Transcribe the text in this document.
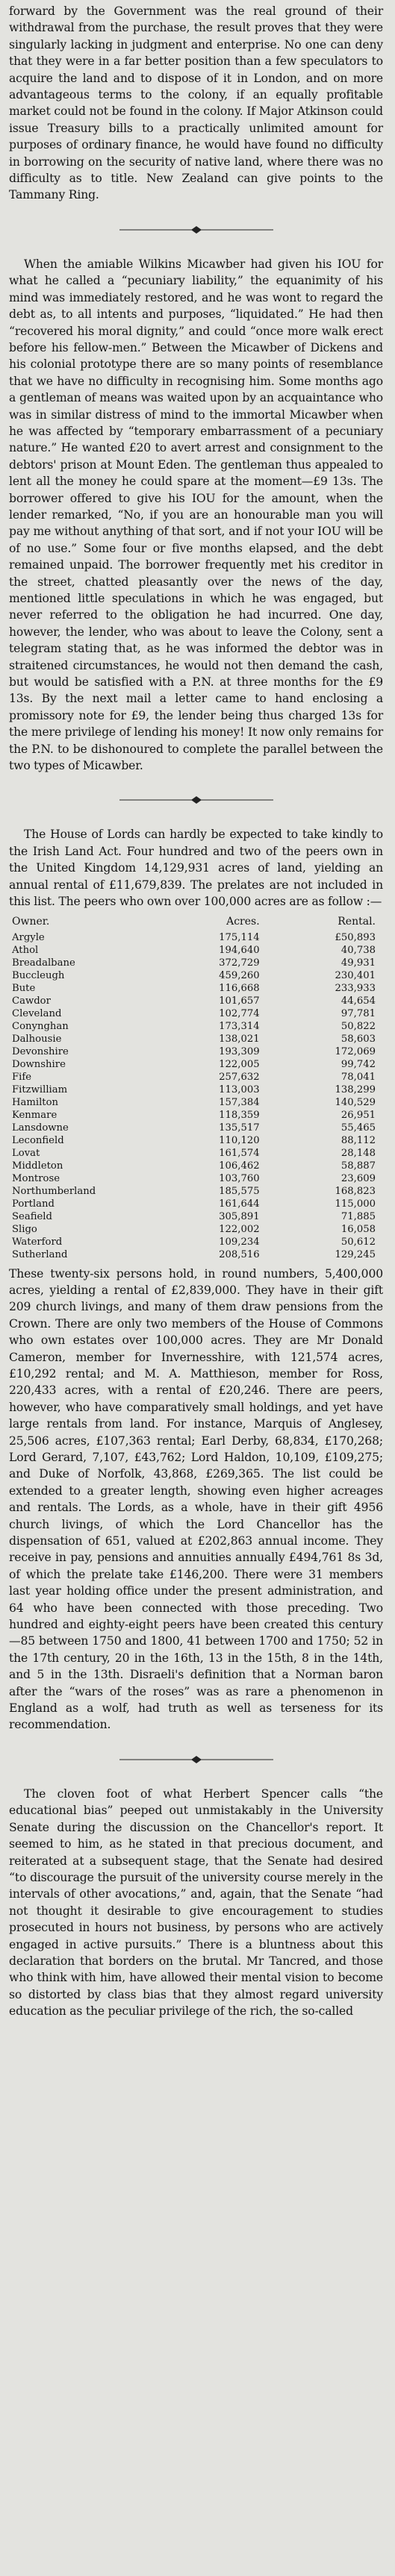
forward by the Government was the real ground of their withdrawal from the purchase, the result proves that they were singularly lacking in judgment and enterprise. No one can deny that they were in a far better position than a few speculators to acquire the land and to dispose of it in London, and on more advantageous terms to the colony, if an equally profitable market could not be found in the colony. If Major Atkinson could issue Treasury bills to a practically unlimited amount for purposes of ordinary finance, he would have found no difficulty in borrowing on the security of native land, where there was no difficulty as to title. New Zealand can give points to the Tammany Ring.

When the amiable Wilkins Micawber had given his IOU for what he called a “pecuniary liability,” the equanimity of his mind was immediately restored, and he was wont to regard the debt as, to all intents and purposes, “liquidated.” He had then “recovered his moral dignity,” and could “once more walk erect before his fellow-men.” Between the Micawber of Dickens and his colonial prototype there are so many points of resemblance that we have no difficulty in recognising him. Some months ago a gentleman of means was waited upon by an acquaintance who was in similar distress of mind to the immortal Micawber when he was affected by “temporary embarrassment of a pecuniary nature.” He wanted £20 to avert arrest and consignment to the debtors' prison at Mount Eden. The gentleman thus appealed to lent all the money he could spare at the moment—£9 13s. The borrower offered to give his IOU for the amount, when the lender remarked, “No, if you are an honourable man you will pay me without anything of that sort, and if not your IOU will be of no use.” Some four or five months elapsed, and the debt remained unpaid. The borrower frequently met his creditor in the street, chatted pleasantly over the news of the day, mentioned little speculations in which he was engaged, but never referred to the obligation he had incurred. One day, however, the lender, who was about to leave the Colony, sent a telegram stating that, as he was informed the debtor was in straitened circumstances, he would not then demand the cash, but would be satisfied with a P.N. at three months for the £9 13s. By the next mail a letter came to hand enclosing a promissory note for £9, the lender being thus charged 13s for the mere privilege of lending his money! It now only remains for the P.N. to be dishonoured to complete the parallel between the two types of Micawber.

The House of Lords can hardly be expected to take kindly to the Irish Land Act. Four hundred and two of the peers own in the United Kingdom 14,129,931 acres of land, yielding an annual rental of £11,679,839. The prelates are not included in this list. The peers who own over 100,000 acres are as follow :—

Owner.	Acres.	Rental.
Argyle	175,114	£50,893
Athol	194,640	40,738
Breadalbane	372,729	49,931
Buccleugh	459,260	230,401
Bute	116,668	233,933
Cawdor	101,657	44,654
Cleveland	102,774	97,781
Conynghan	173,314	50,822
Dalhousie	138,021	58,603
Devonshire	193,309	172,069
Downshire	122,005	99,742
Fife	257,632	78,041
Fitzwilliam	113,003	138,299
Hamilton	157,384	140,529
Kenmare	118,359	26,951
Lansdowne	135,517	55,465
Leconfield	110,120	88,112
Lovat	161,574	28,148
Middleton	106,462	58,887
Montrose	103,760	23,609
Northumberland	185,575	168,823
Portland	161,644	115,000
Seafield	305,891	71,885
Sligo	122,002	16,058
Waterford	109,234	50,612
Sutherland	208,516	129,245

These twenty-six persons hold, in round numbers, 5,400,000 acres, yielding a rental of £2,839,000. They have in their gift 209 church livings, and many of them draw pensions from the Crown. There are only two members of the House of Commons who own estates over 100,000 acres. They are Mr Donald Cameron, member for Invernesshire, with 121,574 acres, £10,292 rental; and M. A. Matthieson, member for Ross, 220,433 acres, with a rental of £20,246. There are peers, however, who have comparatively small holdings, and yet have large rentals from land. For instance, Marquis of Anglesey, 25,506 acres, £107,363 rental; Earl Derby, 68,834, £170,268; Lord Gerard, 7,107, £43,762; Lord Haldon, 10,109, £109,275; and Duke of Norfolk, 43,868, £269,365. The list could be extended to a greater length, showing even higher acreages and rentals. The Lords, as a whole, have in their gift 4956 church livings, of which the Lord Chancellor has the dispensation of 651, valued at £202,863 annual income. They receive in pay, pensions and annuities annually £494,761 8s 3d, of which the prelate take £146,200. There were 31 members last year holding office under the present administration, and 64 who have been connected with those preceding. Two hundred and eighty-eight peers have been created this century—85 between 1750 and 1800, 41 between 1700 and 1750; 52 in the 17th century, 20 in the 16th, 13 in the 15th, 8 in the 14th, and 5 in the 13th. Disraeli's definition that a Norman baron after the “wars of the roses” was as rare a phenomenon in England as a wolf, had truth as well as terseness for its recommendation.

The cloven foot of what Herbert Spencer calls “the educational bias” peeped out unmistakably in the University Senate during the discussion on the Chancellor's report. It seemed to him, as he stated in that precious document, and reiterated at a subsequent stage, that the Senate had desired “to discourage the pursuit of the university course merely in the intervals of other avocations,” and, again, that the Senate “had not thought it desirable to give encouragement to studies prosecuted in hours not business, by persons who are actively engaged in active pursuits.” There is a bluntness about this declaration that borders on the brutal. Mr Tancred, and those who think with him, have allowed their mental vision to become so distorted by class bias that they almost regard university education as the peculiar privilege of the rich, the so-called
